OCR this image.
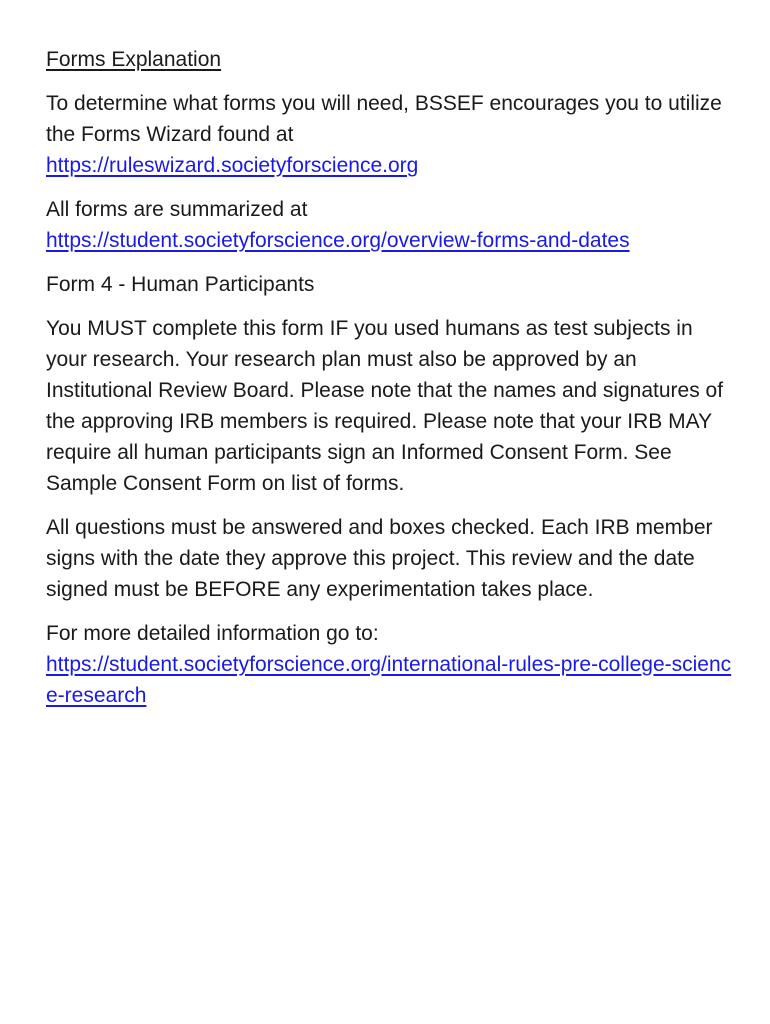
Forms Explanation

To determine what forms you will need, BSSEF encourages you to utilize the Forms Wizard found at
https://ruleswizard.societyforscience.org

All forms are summarized at
https://student.societyforscience.org/overview-forms-and-dates

Form 4 - Human Participants

You MUST complete this form IF you used humans as test subjects in your research. Your research plan must also be approved by an Institutional Review Board. Please note that the names and signatures of the approving IRB members is required. Please note that your IRB MAY require all human participants sign an Informed Consent Form. See Sample Consent Form on list of forms.

All questions must be answered and boxes checked. Each IRB member signs with the date they approve this project. This review and the date signed must be BEFORE any experimentation takes place.

For more detailed information go to:
https://student.societyforscience.org/international-rules-pre-college-science-research
